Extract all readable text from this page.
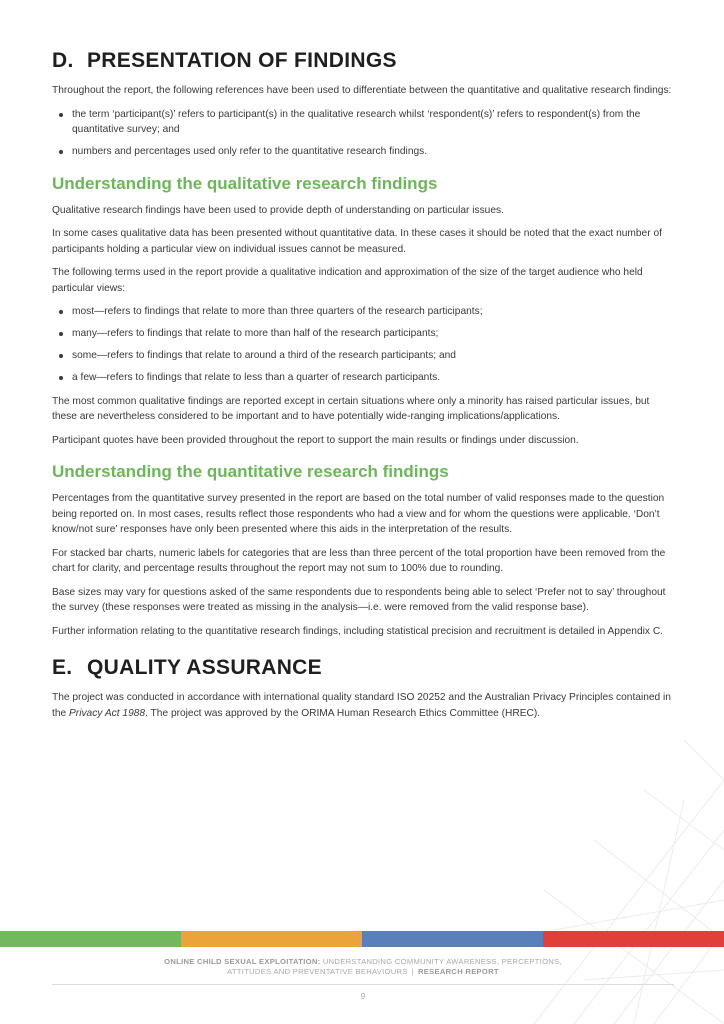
D. PRESENTATION OF FINDINGS

Throughout the report, the following references have been used to differentiate between the quantitative and qualitative research findings:

the term ‘participant(s)’ refers to participant(s) in the qualitative research whilst ‘respondent(s)’ refers to respondent(s) from the quantitative survey; and
numbers and percentages used only refer to the quantitative research findings.
Understanding the qualitative research findings

Qualitative research findings have been used to provide depth of understanding on particular issues.

In some cases qualitative data has been presented without quantitative data. In these cases it should be noted that the exact number of participants holding a particular view on individual issues cannot be measured.

The following terms used in the report provide a qualitative indication and approximation of the size of the target audience who held particular views:

most—refers to findings that relate to more than three quarters of the research participants;
many—refers to findings that relate to more than half of the research participants;
some—refers to findings that relate to around a third of the research participants; and
a few—refers to findings that relate to less than a quarter of research participants.

The most common qualitative findings are reported except in certain situations where only a minority has raised particular issues, but these are nevertheless considered to be important and to have potentially wide-ranging implications/applications.

Participant quotes have been provided throughout the report to support the main results or findings under discussion.

Understanding the quantitative research findings

Percentages from the quantitative survey presented in the report are based on the total number of valid responses made to the question being reported on. In most cases, results reflect those respondents who had a view and for whom the questions were applicable. ‘Don’t know/not sure’ responses have only been presented where this aids in the interpretation of the results.

For stacked bar charts, numeric labels for categories that are less than three percent of the total proportion have been removed from the chart for clarity, and percentage results throughout the report may not sum to 100% due to rounding.

Base sizes may vary for questions asked of the same respondents due to respondents being able to select ‘Prefer not to say’ throughout the survey (these responses were treated as missing in the analysis—i.e. were removed from the valid response base).

Further information relating to the quantitative research findings, including statistical precision and recruitment is detailed in Appendix C.

E. QUALITY ASSURANCE

The project was conducted in accordance with international quality standard ISO 20252 and the Australian Privacy Principles contained in the Privacy Act 1988. The project was approved by the ORIMA Human Research Ethics Committee (HREC).

ONLINE CHILD SEXUAL EXPLOITATION: UNDERSTANDING COMMUNITY AWARENESS, PERCEPTIONS,
ATTITUDES AND PREVENTATIVE BEHAVIOURS | RESEARCH REPORT
9
